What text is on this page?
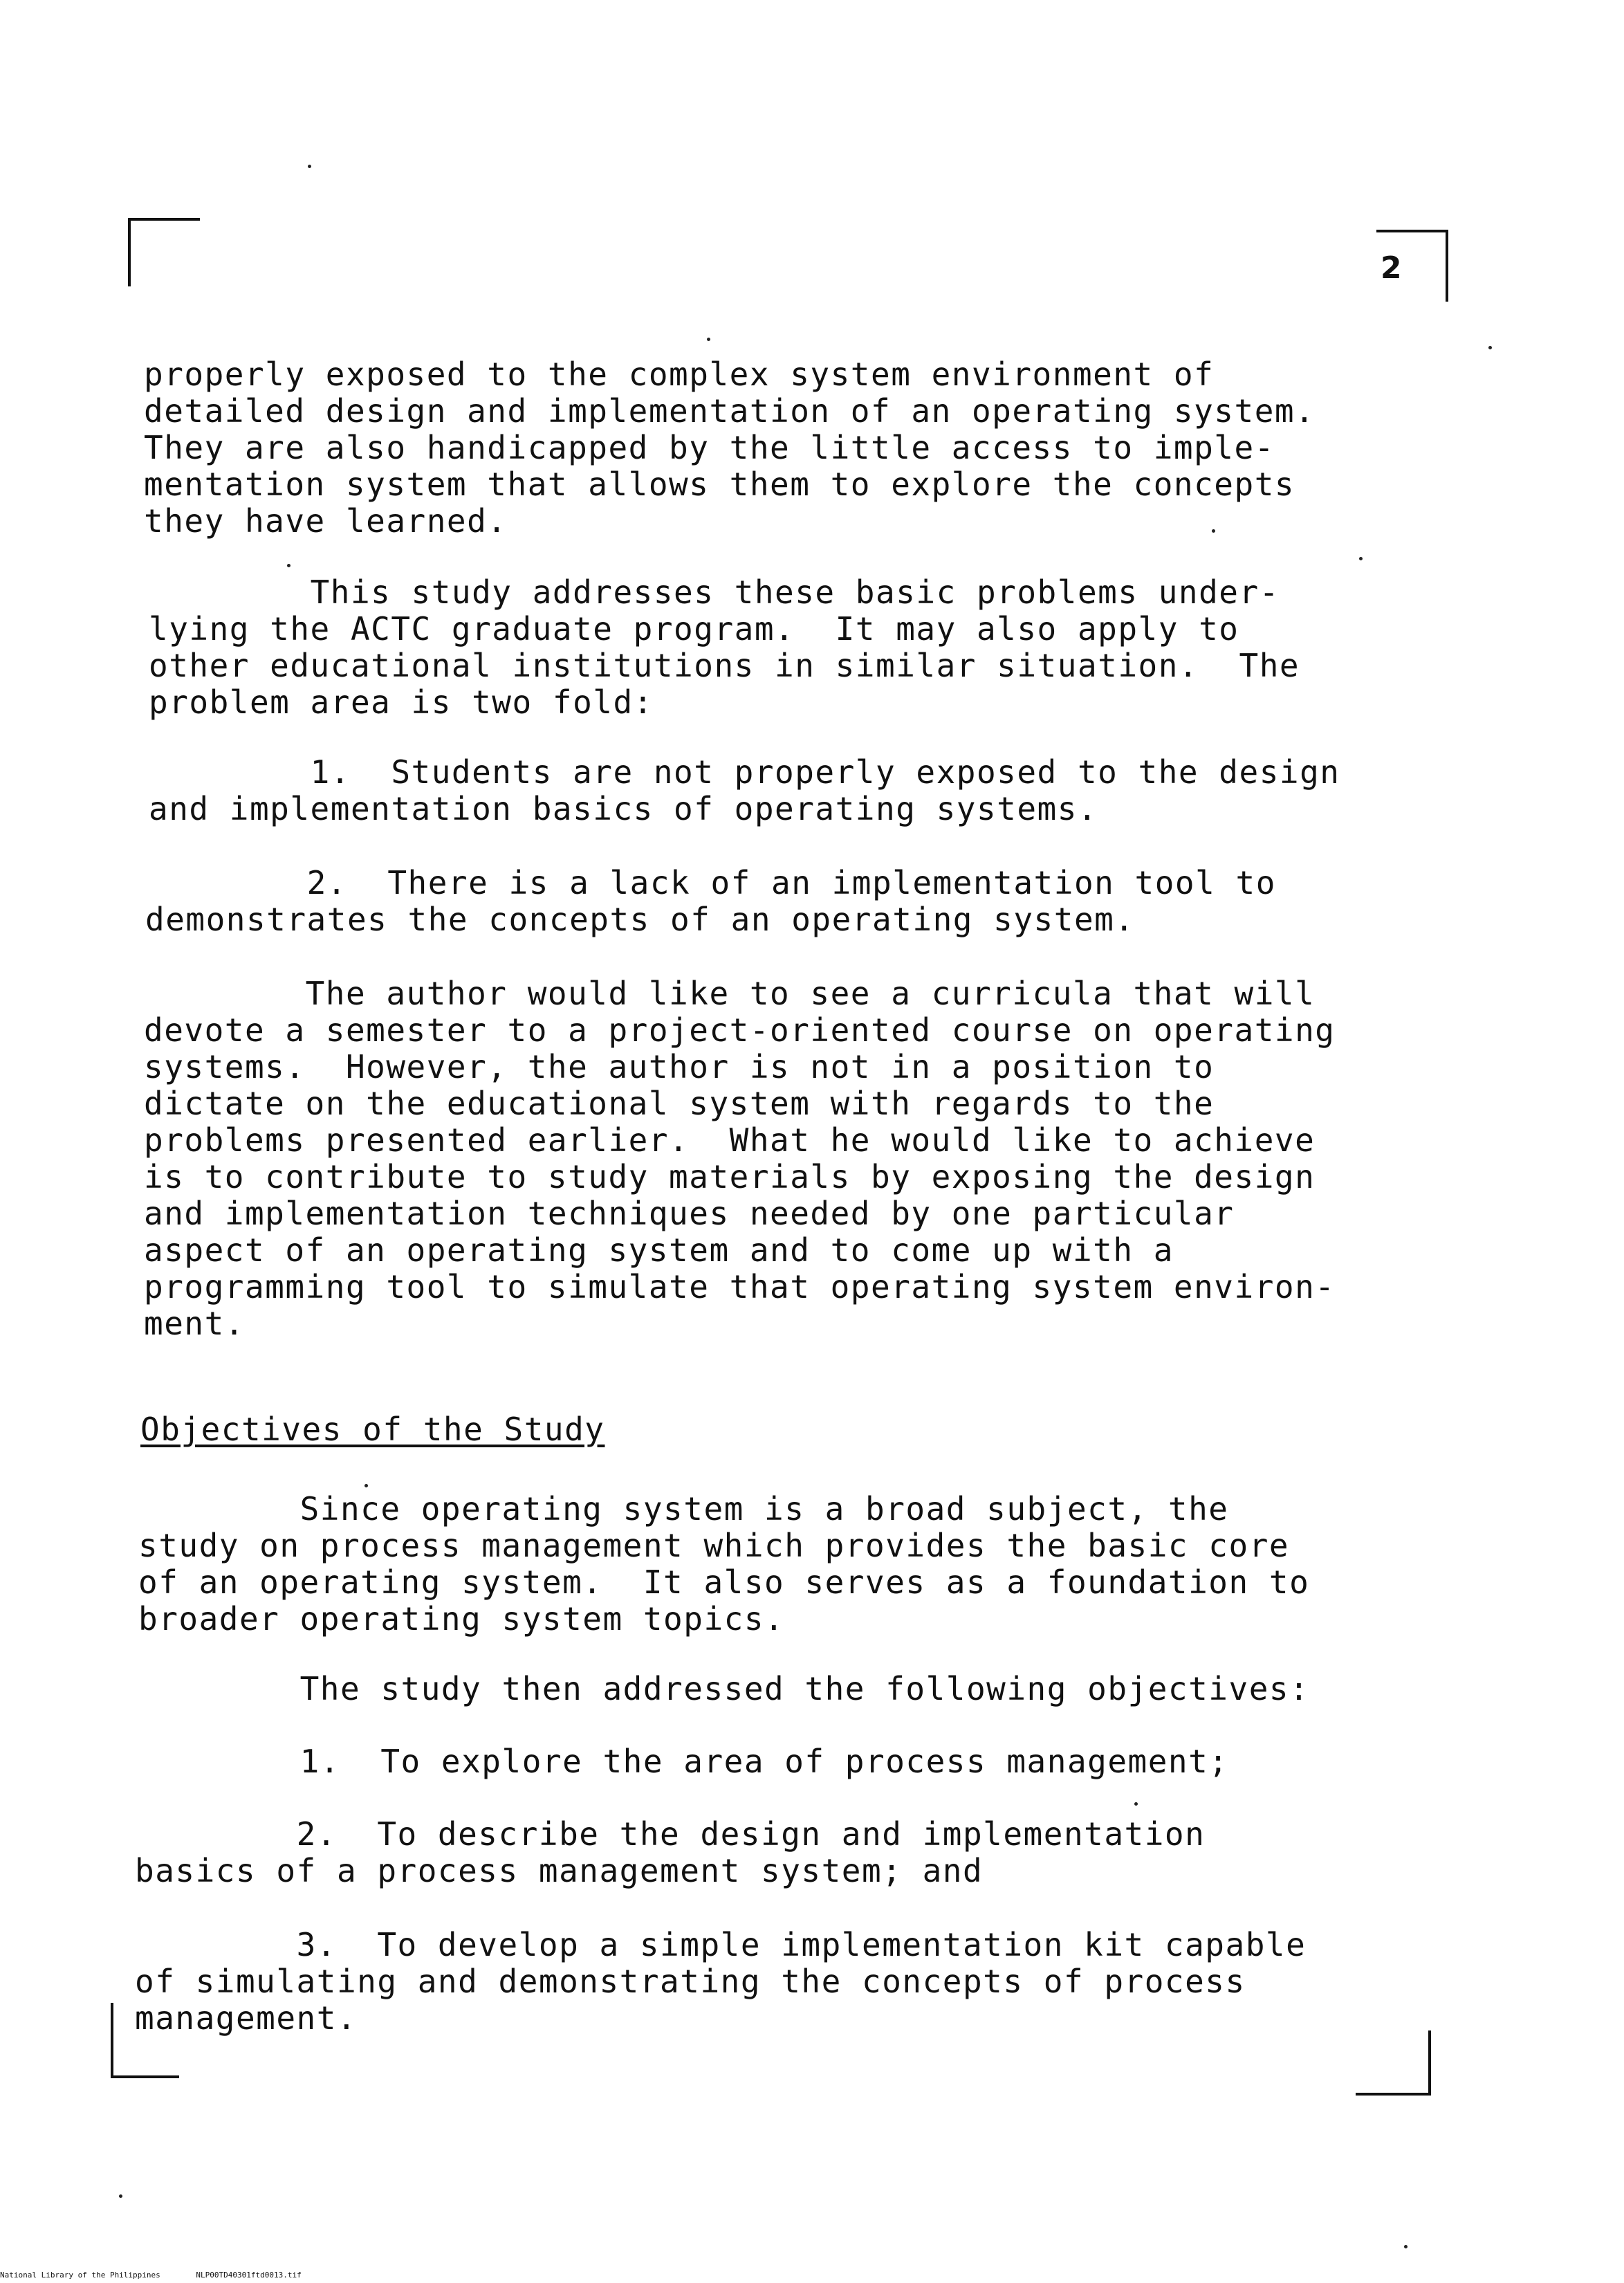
2
properly exposed to the complex system environment of
detailed design and implementation of an operating system.
They are also handicapped by the little access to imple-
mentation system that allows them to explore the concepts
they have learned.
This study addresses these basic problems under-
lying the ACTC graduate program.  It may also apply to
other educational institutions in similar situation.  The
problem area is two fold:
1.  Students are not properly exposed to the design
and implementation basics of operating systems.
2.  There is a lack of an implementation tool to
demonstrates the concepts of an operating system.
The author would like to see a curricula that will
devote a semester to a project-oriented course on operating
systems.  However, the author is not in a position to
dictate on the educational system with regards to the
problems presented earlier.  What he would like to achieve
is to contribute to study materials by exposing the design
and implementation techniques needed by one particular
aspect of an operating system and to come up with a
programming tool to simulate that operating system environ-
ment.
Objectives of the Study
Since operating system is a broad subject, the
study on process management which provides the basic core
of an operating system.  It also serves as a foundation to
broader operating system topics.
The study then addressed the following objectives:
1.  To explore the area of process management;
2.  To describe the design and implementation
basics of a process management system; and
3.  To develop a simple implementation kit capable
of simulating and demonstrating the concepts of process
management.
National Library of the Philippines	NLP00TD40301ftd0013.tif
